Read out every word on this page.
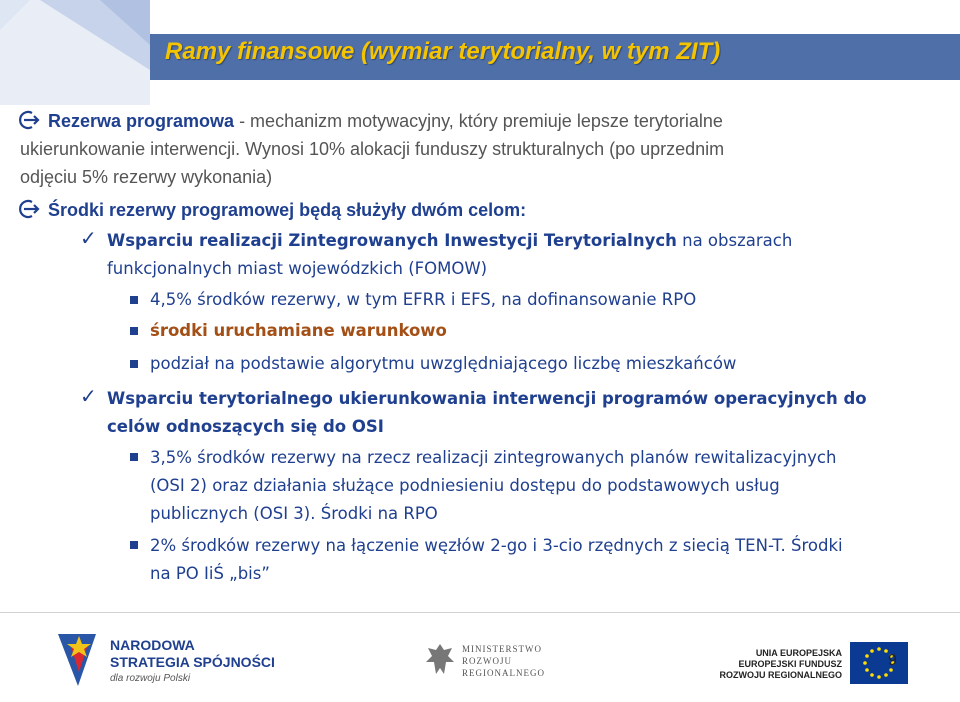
Ramy finansowe (wymiar terytorialny, w tym ZIT)
Rezerwa programowa - mechanizm motywacyjny, który premiuje lepsze terytorialne
ukierunkowanie interwencji. Wynosi 10% alokacji funduszy strukturalnych (po uprzednim
odjęciu 5% rezerwy wykonania)
Środki rezerwy programowej będą służyły dwóm celom:
✓ Wsparciu realizacji Zintegrowanych Inwestycji Terytorialnych na obszarach
funkcjonalnych miast wojewódzkich (FOMOW)
4,5% środków rezerwy, w tym EFRR i EFS, na dofinansowanie RPO
środki uruchamiane warunkowo
podział na podstawie algorytmu uwzględniającego liczbę mieszkańców
✓ Wsparciu terytorialnego ukierunkowania interwencji programów operacyjnych do
celów odnoszących się do OSI
3,5% środków rezerwy na rzecz realizacji zintegrowanych planów rewitalizacyjnych
(OSI 2) oraz działania służące podniesieniu dostępu do podstawowych usług
publicznych (OSI 3). Środki na RPO
2% środków rezerwy na łączenie węzłów 2-go i 3-cio rzędnych z siecią TEN-T. Środki
na PO IiŚ „bis”
NARODOWA
STRATEGIA SPÓJNOŚCI
dla rozwoju Polski
MINISTERSTWO
ROZWOJU
REGIONALNEGO
UNIA EUROPEJSKA
EUROPEJSKI FUNDUSZ
ROZWOJU REGIONALNEGO
9
